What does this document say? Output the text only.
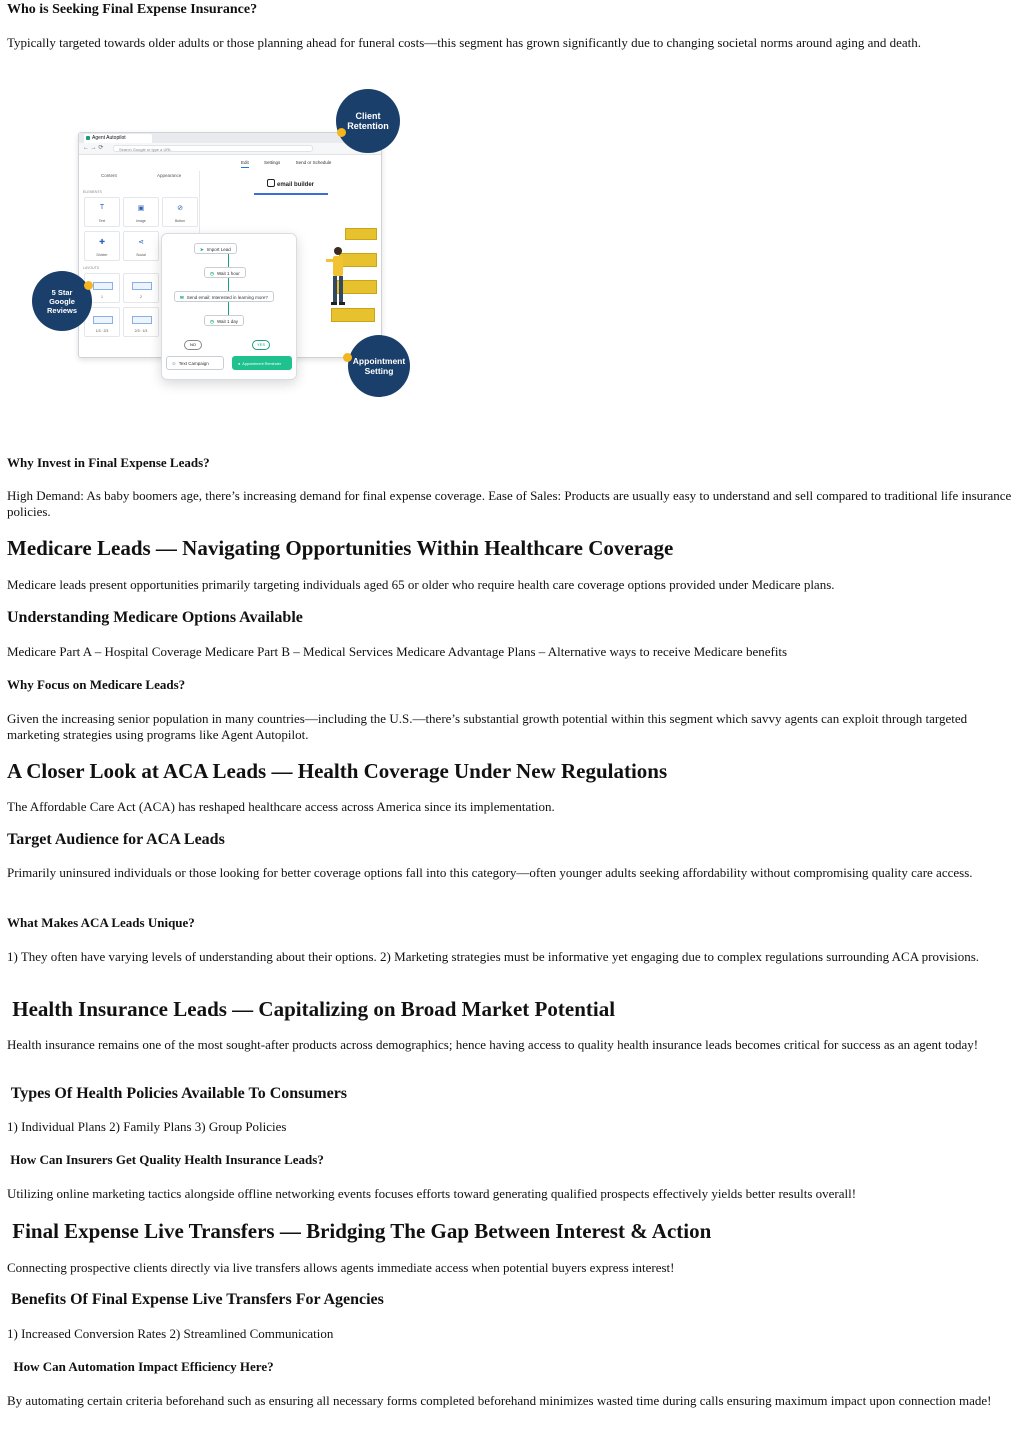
Who is Seeking Final Expense Insurance?

Typically targeted towards older adults or those planning ahead for funeral costs—this segment has grown significantly due to changing societal norms around aging and death.

Agent Autopilot
← → ⟳	Search Google or type a URL
Edit	Settings	Send or Schedule
Content	Appearance
ELEMENTS
T
Text
▣
Image
⊘
Button
✚
Divider
⋖
Social
LAYOUTS
1	2
1/3 : 2/3	2/3 : 1/3
email builder
➤ Import Lead
◷ Wait 1 hour
✉ Send email: Interested in learning more?
◷ Wait 1 day
NO	YES
⊘ Text Campaign	● Appointment Reminder
Client Retention
5 Star Google Reviews
Appointment Setting
Why Invest in Final Expense Leads?

High Demand: As baby boomers age, there’s increasing demand for final expense coverage. Ease of Sales: Products are usually easy to understand and sell compared to traditional life insurance policies.

Medicare Leads — Navigating Opportunities Within Healthcare Coverage

Medicare leads present opportunities primarily targeting individuals aged 65 or older who require health care coverage options provided under Medicare plans.

Understanding Medicare Options Available

Medicare Part A – Hospital Coverage Medicare Part B – Medical Services Medicare Advantage Plans – Alternative ways to receive Medicare benefits

Why Focus on Medicare Leads?

Given the increasing senior population in many countries—including the U.S.—there’s substantial growth potential within this segment which savvy agents can exploit through targeted marketing strategies using programs like Agent Autopilot.

A Closer Look at ACA Leads — Health Coverage Under New Regulations

The Affordable Care Act (ACA) has reshaped healthcare access across America since its implementation.

Target Audience for ACA Leads

Primarily uninsured individuals or those looking for better coverage options fall into this category—often younger adults seeking affordability without compromising quality care access.

What Makes ACA Leads Unique?

1) They often have varying levels of understanding about their options. 2) Marketing strategies must be informative yet engaging due to complex regulations surrounding ACA provisions.

Health Insurance Leads — Capitalizing on Broad Market Potential

Health insurance remains one of the most sought-after products across demographics; hence having access to quality health insurance leads becomes critical for success as an agent today!

Types Of Health Policies Available To Consumers

1) Individual Plans 2) Family Plans 3) Group Policies

How Can Insurers Get Quality Health Insurance Leads?

Utilizing online marketing tactics alongside offline networking events focuses efforts toward generating qualified prospects effectively yields better results overall!

Final Expense Live Transfers — Bridging The Gap Between Interest & Action

Connecting prospective clients directly via live transfers allows agents immediate access when potential buyers express interest!

Benefits Of Final Expense Live Transfers For Agencies

1) Increased Conversion Rates 2) Streamlined Communication

How Can Automation Impact Efficiency Here?

By automating certain criteria beforehand such as ensuring all necessary forms completed beforehand minimizes wasted time during calls ensuring maximum impact upon connection made!
